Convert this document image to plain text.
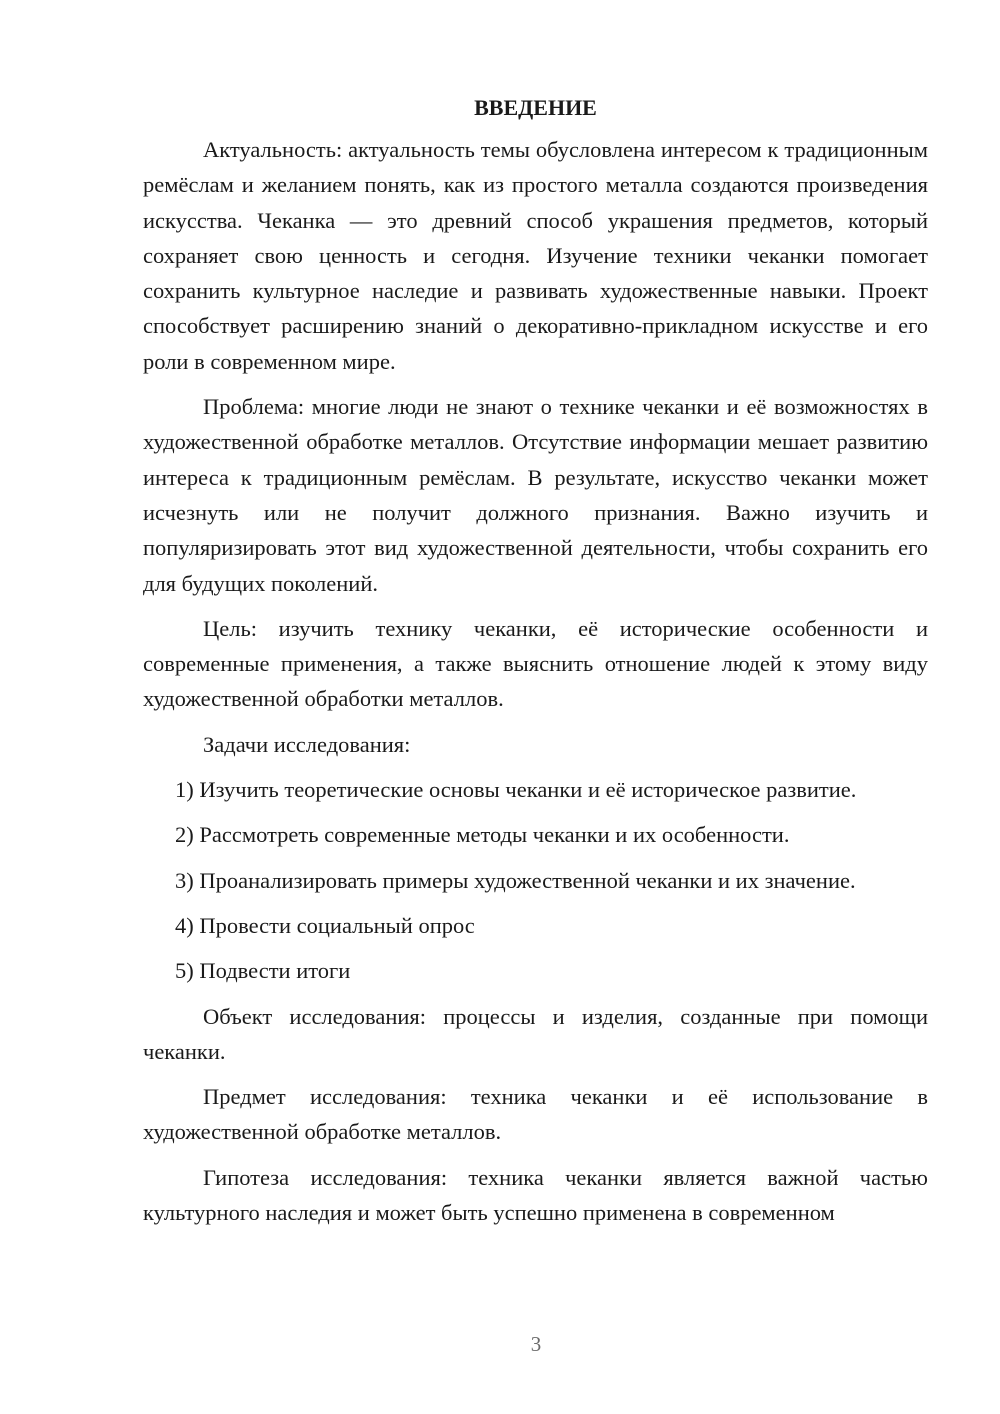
ВВЕДЕНИЕ

Актуальность: актуальность темы обусловлена интересом к традиционным ремёслам и желанием понять, как из простого металла создаются произведения искусства. Чеканка — это древний способ украшения предметов, который сохраняет свою ценность и сегодня. Изучение техники чеканки помогает сохранить культурное наследие и развивать художественные навыки. Проект способствует расширению знаний о декоративно-прикладном искусстве и его роли в современном мире.

Проблема: многие люди не знают о технике чеканки и её возможностях в художественной обработке металлов. Отсутствие информации мешает развитию интереса к традиционным ремёслам. В результате, искусство чеканки может исчезнуть или не получит должного признания. Важно изучить и популяризировать этот вид художественной деятельности, чтобы сохранить его для будущих поколений.

Цель: изучить технику чеканки, её исторические особенности и современные применения, а также выяснить отношение людей к этому виду художественной обработки металлов.

Задачи исследования:

1) Изучить теоретические основы чеканки и её историческое развитие.

2) Рассмотреть современные методы чеканки и их особенности.

3) Проанализировать примеры художественной чеканки и их значение.

4) Провести социальный опрос

5) Подвести итоги

Объект исследования: процессы и изделия, созданные при помощи чеканки.

Предмет исследования: техника чеканки и её использование в художественной обработке металлов.

Гипотеза исследования: техника чеканки является важной частью культурного наследия и может быть успешно применена в современном

3
